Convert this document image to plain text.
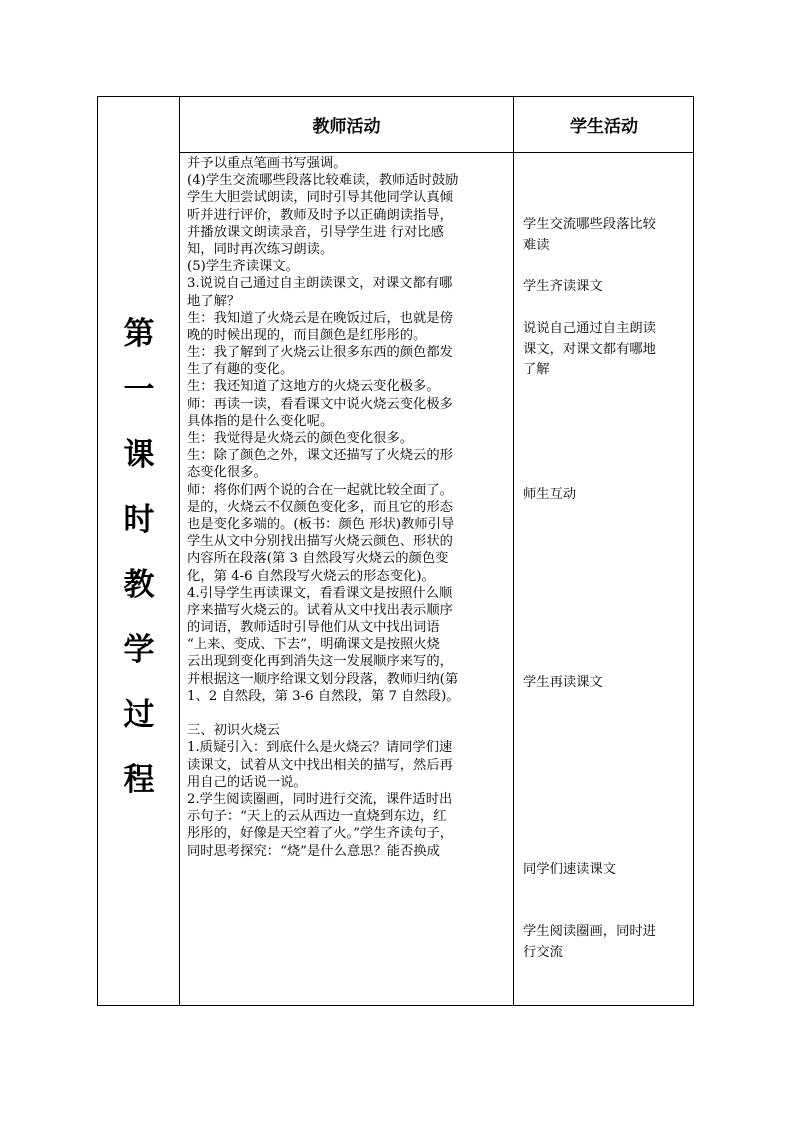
教师活动	学生活动
第
一
课
时
教
学
过
程
并予以重点笔画书写强调。
(4)学生交流哪些段落比较难读，教师适时鼓励
学生大胆尝试朗读，同时引导其他同学认真倾
听并进行评价，教师及时予以正确朗读指导，
并播放课文朗读录音，引导学生进 行对比感
知，同时再次练习朗读。
(5)学生齐读课文。
3.说说自己通过自主朗读课文，对课文都有哪
地了解？
生：我知道了火烧云是在晚饭过后，也就是傍
晚的时候出现的，而目颜色是红彤彤的。
生：我了解到了火烧云让很多东西的颜色都发
生了有趣的变化。
生：我还知道了这地方的火烧云变化极多。
师：再读一读，看看课文中说火烧云变化极多
具体指的是什么变化呢。
生：我觉得是火烧云的颜色变化很多。
生：除了颜色之外，课文还描写了火烧云的形
态变化很多。
师：将你们两个说的合在一起就比较全面了。
是的，火烧云不仅颜色变化多，而且它的形态
也是变化多端的。(板书：颜色 形状)教师引导
学生从文中分别找出描写火烧云颜色、形状的
内容所在段落(第 3 自然段写火烧云的颜色变
化，第 4-6 自然段写火烧云的形态变化)。
4.引导学生再读课文，看看课文是按照什么顺
序来描写火烧云的。试着从文中找出表示顺序
的词语，教师适时引导他们从文中找出词语
“上来、变成、下去”，明确课文是按照火烧
云出现到变化再到消失这一发展顺序来写的，
并根据这一顺序给课文划分段落，教师归纳(第
1、2 自然段，第 3-6 自然段，第 7 自然段)。
三、初识火烧云
1.质疑引入：到底什么是火烧云？请同学们速
读课文，试着从文中找出相关的描写，然后再
用自己的话说一说。
2.学生阅读圈画，同时进行交流，课件适时出
示句子：“天上的云从西边一直烧到东边，红
彤彤的，好像是天空着了火。”学生齐读句子，
同时思考探究：“烧”是什么意思？能否换成
学生交流哪些段落比较
难读
学生齐读课文
说说自己通过自主朗读
课文，对课文都有哪地
了解
师生互动
学生再读课文
同学们速读课文
学生阅读圈画，同时进
行交流
